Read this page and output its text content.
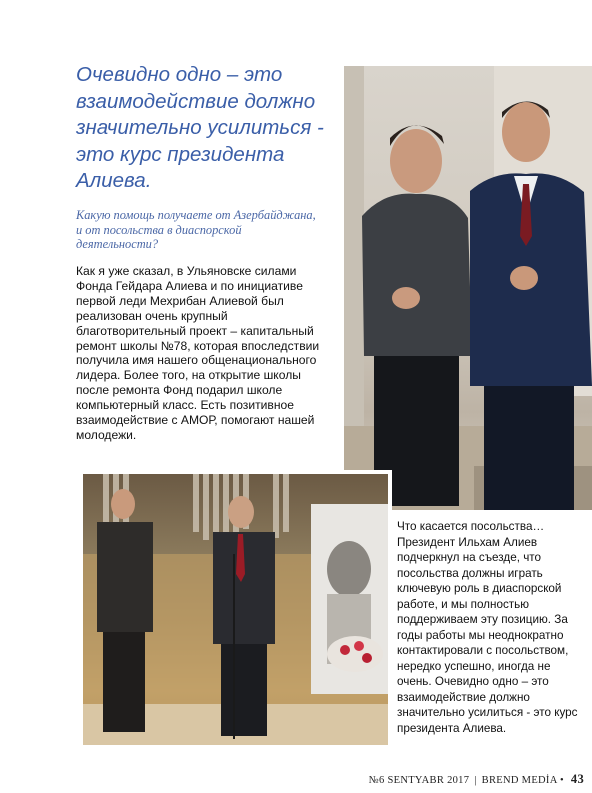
Очевидно одно – это взаимодействие должно значительно усилиться - это курс президента Алиева.

Какую помощь получаете от Азербайджана, и от посольства в диаспорской деятельности?

Как я уже сказал, в Ульяновске силами Фонда Гейдара Алиева и по инициативе первой леди Мехрибан Алиевой был реализован очень крупный благотворительный проект – капитальный ремонт школы №78, которая впоследствии получила имя нашего общенационального лидера. Более того, на открытие школы после ремонта Фонд подарил школе компьютерный класс. Есть позитивное взаимодействие с АМОР, помогают нашей молодежи.

Что касается посольства… Президент Ильхам Алиев подчеркнул на съезде, что посольства должны играть ключевую роль в диаспорской работе, и мы полностью поддерживаем эту позицию. За годы работы мы неоднократно контактировали с посольством, нередко успешно, иногда не очень. Очевидно одно – это взаимодействие должно значительно усилиться - это курс президента Алиева.

№6 SENTYABR 2017 | BREND MEDİA • 43
